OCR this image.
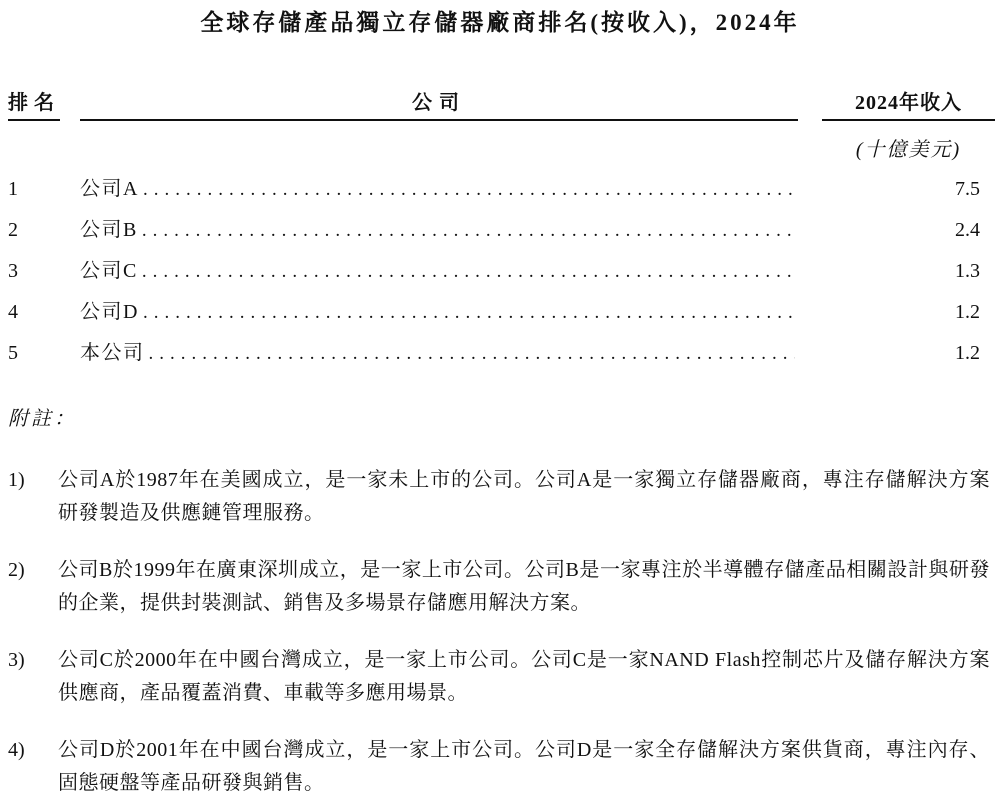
全球存儲產品獨立存儲器廠商排名(按收入)，2024年
排名	公司	2024年收入
(十億美元)
1	公司A .....	7.5
2	公司B .....	2.4
3	公司C .....	1.3
4	公司D .....	1.2
5	本公司 .....	1.2
附註：
1)	公司A於1987年在美國成立，是一家未上市的公司。公司A是一家獨立存儲器廠商，專注存儲解決方案研發製造及供應鏈管理服務。
2)	公司B於1999年在廣東深圳成立，是一家上市公司。公司B是一家專注於半導體存儲產品相關設計與研發的企業，提供封裝測試、銷售及多場景存儲應用解決方案。
3)	公司C於2000年在中國台灣成立，是一家上市公司。公司C是一家NAND Flash控制芯片及儲存解決方案供應商，產品覆蓋消費、車載等多應用場景。
4)	公司D於2001年在中國台灣成立，是一家上市公司。公司D是一家全存儲解決方案供貨商，專注內存、固態硬盤等產品研發與銷售。
